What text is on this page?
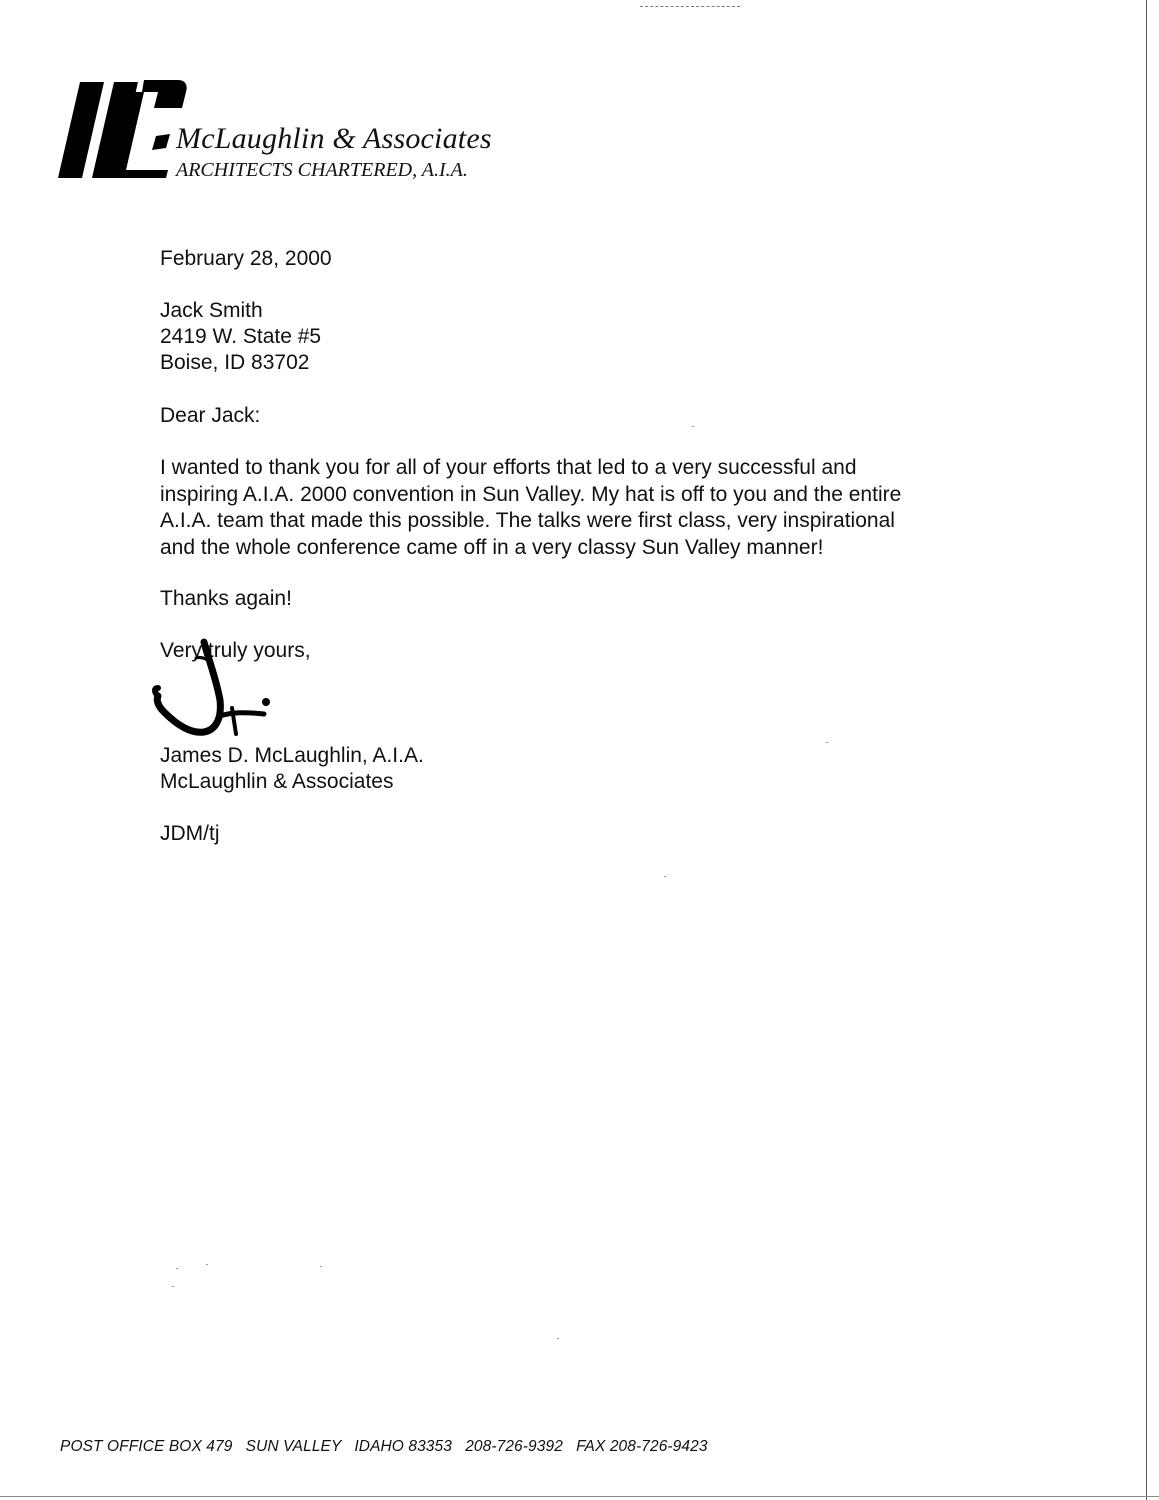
McLaughlin & Associates
ARCHITECTS CHARTERED, A.I.A.
February 28, 2000
Jack Smith
2419 W. State #5
Boise, ID 83702
Dear Jack:
I wanted to thank you for all of your efforts that led to a very successful and
inspiring A.I.A. 2000 convention in Sun Valley. My hat is off to you and the entire
A.I.A. team that made this possible. The talks were first class, very inspirational
and the whole conference came off in a very classy Sun Valley manner!
Thanks again!
Very truly yours,
James D. McLaughlin, A.I.A.
McLaughlin & Associates
JDM/tj
POST OFFICE BOX 479   SUN VALLEY   IDAHO 83353   208-726-9392   FAX 208-726-9423
